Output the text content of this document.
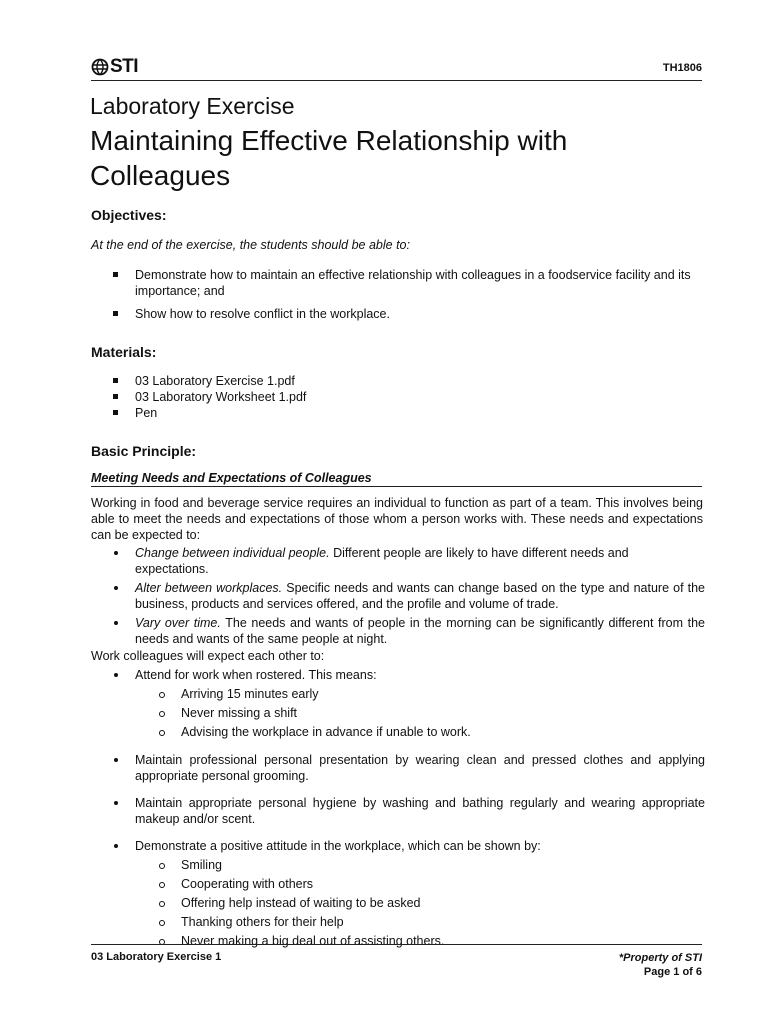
STI	TH1806
Laboratory Exercise
Maintaining Effective Relationship with Colleagues
Objectives:
At the end of the exercise, the students should be able to:
Demonstrate how to maintain an effective relationship with colleagues in a foodservice facility and its importance; and
Show how to resolve conflict in the workplace.
Materials:
03 Laboratory Exercise 1.pdf
03 Laboratory Worksheet 1.pdf
Pen
Basic Principle:
Meeting Needs and Expectations of Colleagues
Working in food and beverage service requires an individual to function as part of a team. This involves being able to meet the needs and expectations of those whom a person works with. These needs and expectations can be expected to:
Change between individual people. Different people are likely to have different needs and expectations.
Alter between workplaces. Specific needs and wants can change based on the type and nature of the business, products and services offered, and the profile and volume of trade.
Vary over time. The needs and wants of people in the morning can be significantly different from the needs and wants of the same people at night.
Work colleagues will expect each other to:
Attend for work when rostered. This means:
Arriving 15 minutes early
Never missing a shift
Advising the workplace in advance if unable to work.
Maintain professional personal presentation by wearing clean and pressed clothes and applying appropriate personal grooming.
Maintain appropriate personal hygiene by washing and bathing regularly and wearing appropriate makeup and/or scent.
Demonstrate a positive attitude in the workplace, which can be shown by:
Smiling
Cooperating with others
Offering help instead of waiting to be asked
Thanking others for their help
Never making a big deal out of assisting others.
03 Laboratory Exercise 1	*Property of STI
Page 1 of 6
